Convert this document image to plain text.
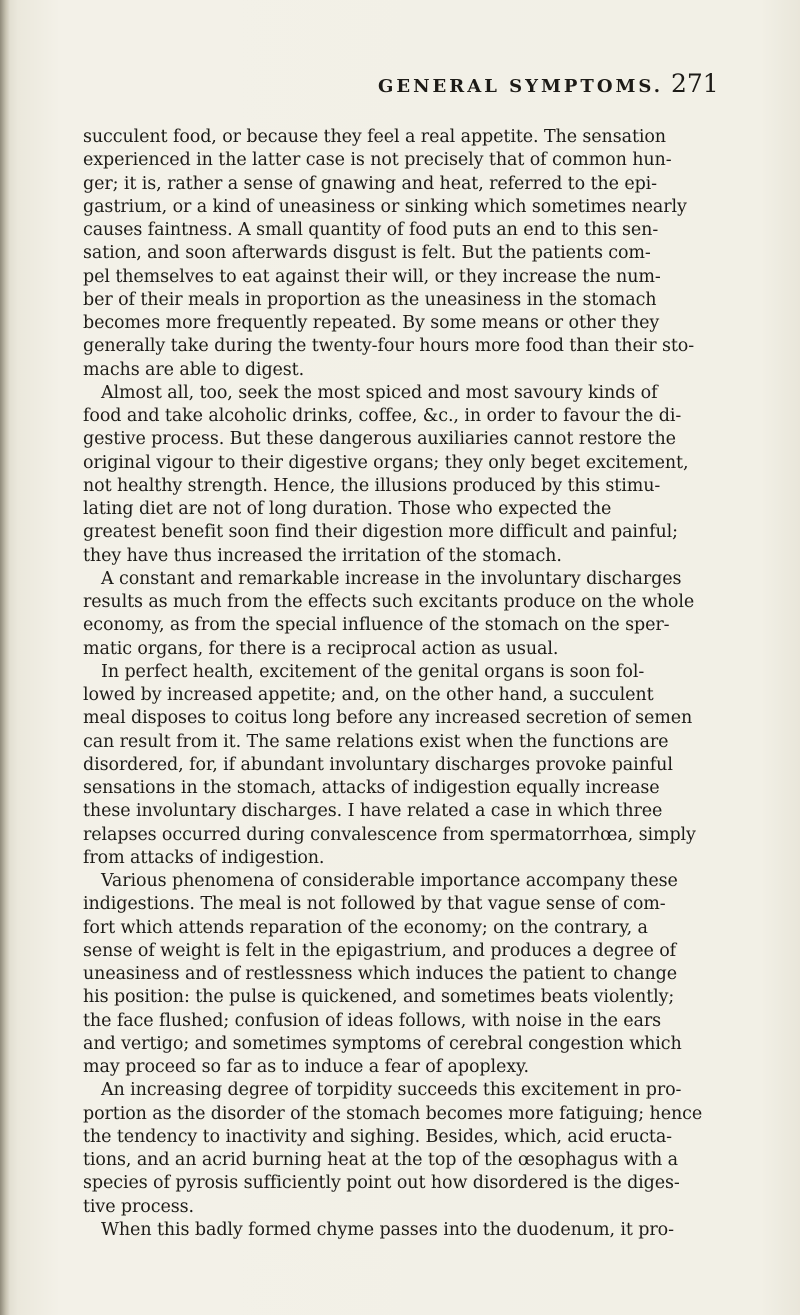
GENERAL SYMPTOMS. 271
succulent food, or because they feel a real appetite. The sensation
experienced in the latter case is not precisely that of common hun-
ger; it is, rather a sense of gnawing and heat, referred to the epi-
gastrium, or a kind of uneasiness or sinking which sometimes nearly
causes faintness. A small quantity of food puts an end to this sen-
sation, and soon afterwards disgust is felt. But the patients com-
pel themselves to eat against their will, or they increase the num-
ber of their meals in proportion as the uneasiness in the stomach
becomes more frequently repeated. By some means or other they
generally take during the twenty-four hours more food than their sto-
machs are able to digest.
Almost all, too, seek the most spiced and most savoury kinds of
food and take alcoholic drinks, coffee, &c., in order to favour the di-
gestive process. But these dangerous auxiliaries cannot restore the
original vigour to their digestive organs; they only beget excitement,
not healthy strength. Hence, the illusions produced by this stimu-
lating diet are not of long duration. Those who expected the
greatest benefit soon find their digestion more difficult and painful;
they have thus increased the irritation of the stomach.
A constant and remarkable increase in the involuntary discharges
results as much from the effects such excitants produce on the whole
economy, as from the special influence of the stomach on the sper-
matic organs, for there is a reciprocal action as usual.
In perfect health, excitement of the genital organs is soon fol-
lowed by increased appetite; and, on the other hand, a succulent
meal disposes to coitus long before any increased secretion of semen
can result from it. The same relations exist when the functions are
disordered, for, if abundant involuntary discharges provoke painful
sensations in the stomach, attacks of indigestion equally increase
these involuntary discharges. I have related a case in which three
relapses occurred during convalescence from spermatorrhœa, simply
from attacks of indigestion.
Various phenomena of considerable importance accompany these
indigestions. The meal is not followed by that vague sense of com-
fort which attends reparation of the economy; on the contrary, a
sense of weight is felt in the epigastrium, and produces a degree of
uneasiness and of restlessness which induces the patient to change
his position: the pulse is quickened, and sometimes beats violently;
the face flushed; confusion of ideas follows, with noise in the ears
and vertigo; and sometimes symptoms of cerebral congestion which
may proceed so far as to induce a fear of apoplexy.
An increasing degree of torpidity succeeds this excitement in pro-
portion as the disorder of the stomach becomes more fatiguing; hence
the tendency to inactivity and sighing. Besides, which, acid eructa-
tions, and an acrid burning heat at the top of the œsophagus with a
species of pyrosis sufficiently point out how disordered is the diges-
tive process.
When this badly formed chyme passes into the duodenum, it pro-
